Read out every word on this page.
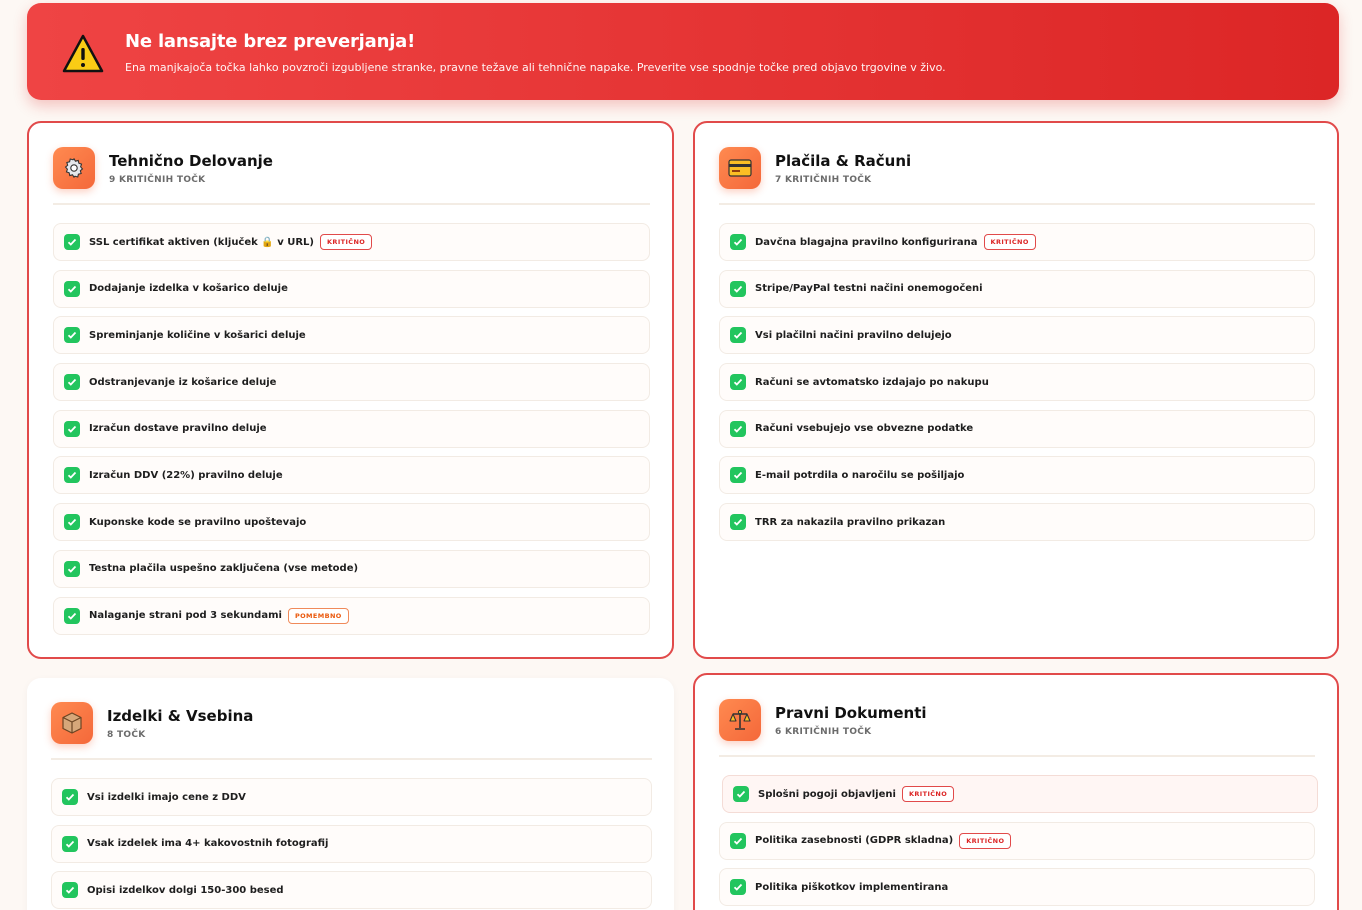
Ne lansajte brez preverjanja!
Ena manjkajoča točka lahko povzroči izgubljene stranke, pravne težave ali tehnične napake. Preverite vse spodnje točke pred objavo trgovine v živo.
Tehnično Delovanje
9 KRITIČNIH TOČK
SSL certifikat aktiven (ključek 🔒 v URL)	KRITIČNO
Dodajanje izdelka v košarico deluje
Spreminjanje količine v košarici deluje
Odstranjevanje iz košarice deluje
Izračun dostave pravilno deluje
Izračun DDV (22%) pravilno deluje
Kuponske kode se pravilno upoštevajo
Testna plačila uspešno zaključena (vse metode)
Nalaganje strani pod 3 sekundami	POMEMBNO
Plačila & Računi
7 KRITIČNIH TOČK
Davčna blagajna pravilno konfigurirana	KRITIČNO
Stripe/PayPal testni načini onemogočeni
Vsi plačilni načini pravilno delujejo
Računi se avtomatsko izdajajo po nakupu
Računi vsebujejo vse obvezne podatke
E-mail potrdila o naročilu se pošiljajo
TRR za nakazila pravilno prikazan
Izdelki & Vsebina
8 TOČK
Vsi izdelki imajo cene z DDV
Vsak izdelek ima 4+ kakovostnih fotografij
Opisi izdelkov dolgi 150-300 besed
Pravni Dokumenti
6 KRITIČNIH TOČK
Splošni pogoji objavljeni	KRITIČNO
Politika zasebnosti (GDPR skladna)	KRITIČNO
Politika piškotkov implementirana
